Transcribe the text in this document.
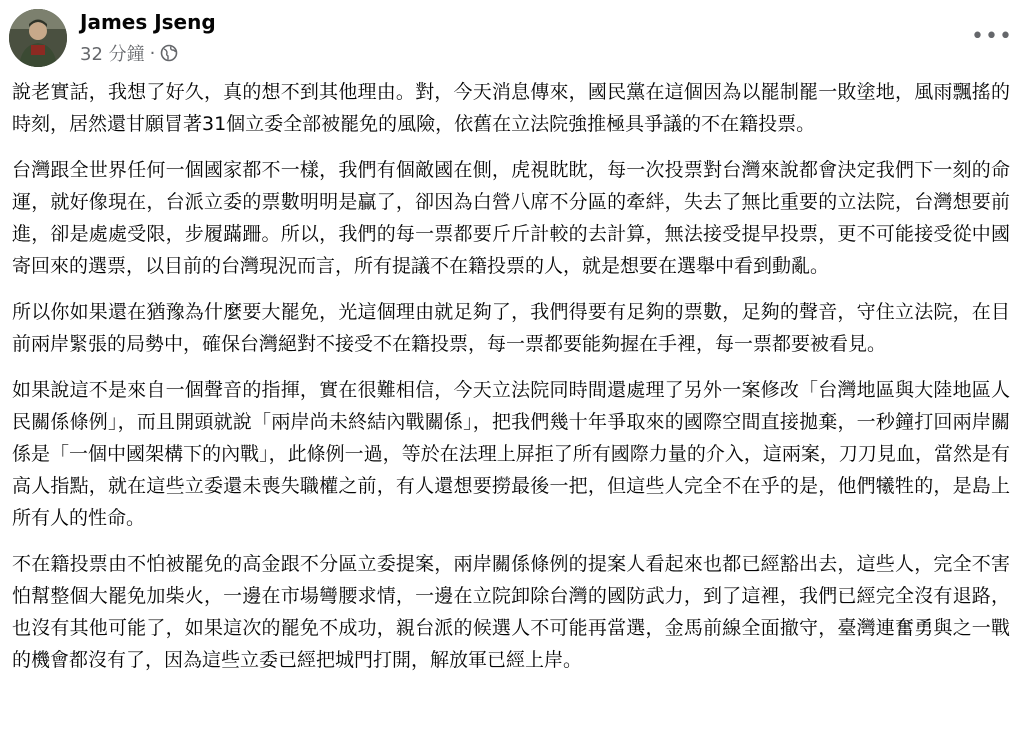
James Jseng
32 分鐘 ·
•••

說老實話，我想了好久，真的想不到其他理由。對，今天消息傳來，國民黨在這個因為以罷制罷一敗塗地，風雨飄搖的時刻，居然還甘願冒著31個立委全部被罷免的風險，依舊在立法院強推極具爭議的不在籍投票。

台灣跟全世界任何一個國家都不一樣，我們有個敵國在側，虎視眈眈，每一次投票對台灣來說都會決定我們下一刻的命運，就好像現在，台派立委的票數明明是贏了，卻因為白營八席不分區的牽絆，失去了無比重要的立法院，台灣想要前進，卻是處處受限，步履蹣跚。所以，我們的每一票都要斤斤計較的去計算，無法接受提早投票，更不可能接受從中國寄回來的選票，以目前的台灣現況而言，所有提議不在籍投票的人，就是想要在選舉中看到動亂。

所以你如果還在猶豫為什麼要大罷免，光這個理由就足夠了，我們得要有足夠的票數，足夠的聲音，守住立法院，在目前兩岸緊張的局勢中，確保台灣絕對不接受不在籍投票，每一票都要能夠握在手裡，每一票都要被看見。

如果說這不是來自一個聲音的指揮，實在很難相信，今天立法院同時間還處理了另外一案修改「台灣地區與大陸地區人民關係條例」，而且開頭就說「兩岸尚未終結內戰關係」，把我們幾十年爭取來的國際空間直接拋棄，一秒鐘打回兩岸關係是「一個中國架構下的內戰」，此條例一過，等於在法理上屏拒了所有國際力量的介入，這兩案，刀刀見血，當然是有高人指點，就在這些立委還未喪失職權之前，有人還想要撈最後一把，但這些人完全不在乎的是，他們犧牲的，是島上所有人的性命。

不在籍投票由不怕被罷免的高金跟不分區立委提案，兩岸關係條例的提案人看起來也都已經豁出去，這些人，完全不害怕幫整個大罷免加柴火，一邊在市場彎腰求情，一邊在立院卸除台灣的國防武力，到了這裡，我們已經完全沒有退路，也沒有其他可能了，如果這次的罷免不成功，親台派的候選人不可能再當選，金馬前線全面撤守，臺灣連奮勇與之一戰的機會都沒有了，因為這些立委已經把城門打開，解放軍已經上岸。
